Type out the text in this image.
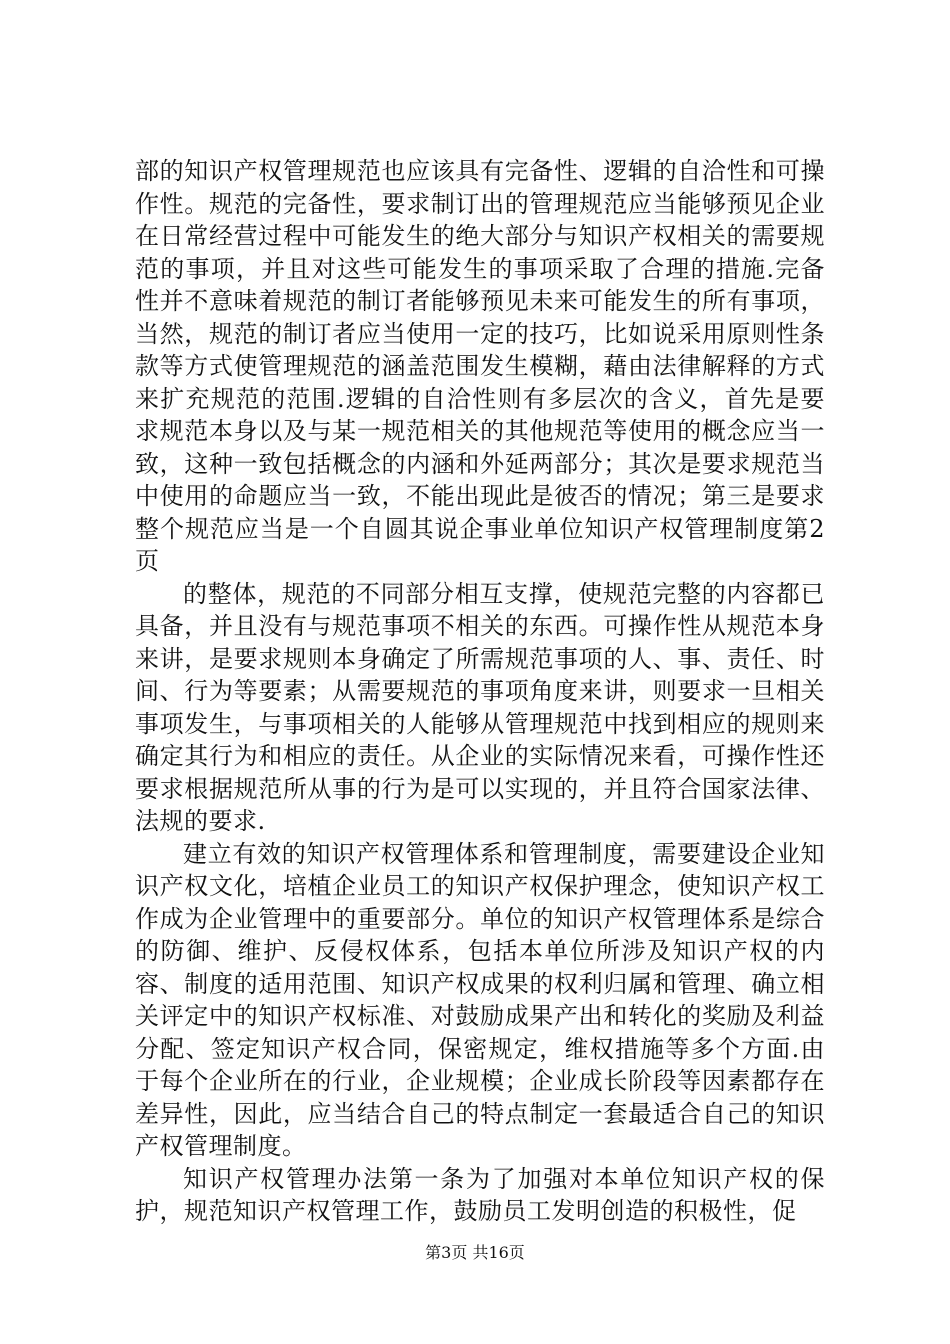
部的知识产权管理规范也应该具有完备性、逻辑的自洽性和可操作性。规范的完备性，要求制订出的管理规范应当能够预见企业在日常经营过程中可能发生的绝大部分与知识产权相关的需要规范的事项，并且对这些可能发生的事项采取了合理的措施.完备性并不意味着规范的制订者能够预见未来可能发生的所有事项，当然，规范的制订者应当使用一定的技巧，比如说采用原则性条款等方式使管理规范的涵盖范围发生模糊，藉由法律解释的方式来扩充规范的范围.逻辑的自洽性则有多层次的含义，首先是要求规范本身以及与某一规范相关的其他规范等使用的概念应当一致，这种一致包括概念的内涵和外延两部分；其次是要求规范当中使用的命题应当一致，不能出现此是彼否的情况；第三是要求整个规范应当是一个自圆其说企事业单位知识产权管理制度第2页

的整体，规范的不同部分相互支撑，使规范完整的内容都已具备，并且没有与规范事项不相关的东西。可操作性从规范本身来讲，是要求规则本身确定了所需规范事项的人、事、责任、时间、行为等要素；从需要规范的事项角度来讲，则要求一旦相关事项发生，与事项相关的人能够从管理规范中找到相应的规则来确定其行为和相应的责任。从企业的实际情况来看，可操作性还要求根据规范所从事的行为是可以实现的，并且符合国家法律、法规的要求.

建立有效的知识产权管理体系和管理制度，需要建设企业知识产权文化，培植企业员工的知识产权保护理念，使知识产权工作成为企业管理中的重要部分。单位的知识产权管理体系是综合的防御、维护、反侵权体系，包括本单位所涉及知识产权的内容、制度的适用范围、知识产权成果的权利归属和管理、确立相关评定中的知识产权标准、对鼓励成果产出和转化的奖励及利益分配、签定知识产权合同，保密规定，维权措施等多个方面.由于每个企业所在的行业，企业规模；企业成长阶段等因素都存在差异性，因此，应当结合自己的特点制定一套最适合自己的知识产权管理制度。

知识产权管理办法第一条为了加强对本单位知识产权的保护，规范知识产权管理工作，鼓励员工发明创造的积极性，促

第3页 共16页
